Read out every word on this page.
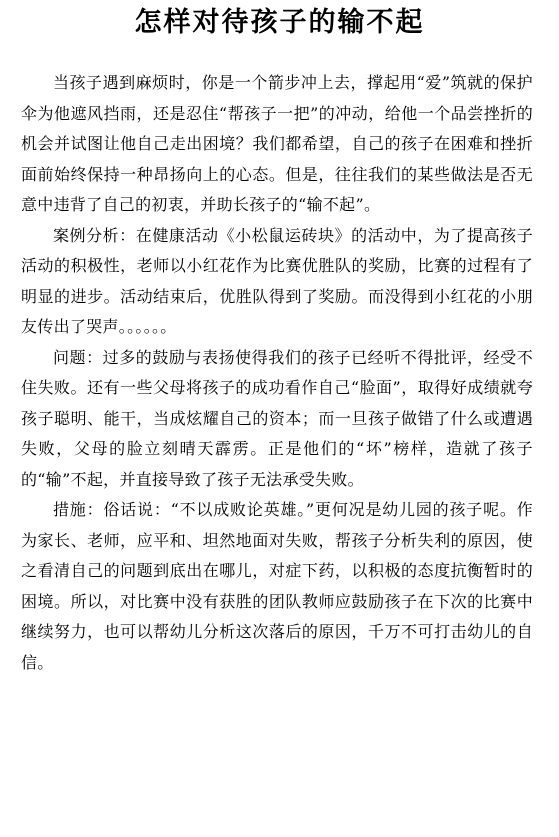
怎样对待孩子的输不起

当孩子遇到麻烦时，你是一个箭步冲上去，撑起用“爱”筑就的保护伞为他遮风挡雨，还是忍住“帮孩子一把”的冲动，给他一个品尝挫折的机会并试图让他自己走出困境？我们都希望，自己的孩子在困难和挫折面前始终保持一种昂扬向上的心态。但是，往往我们的某些做法是否无意中违背了自己的初衷，并助长孩子的“输不起”。

案例分析：在健康活动《小松鼠运砖块》的活动中，为了提高孩子活动的积极性，老师以小红花作为比赛优胜队的奖励，比赛的过程有了明显的进步。活动结束后，优胜队得到了奖励。而没得到小红花的小朋友传出了哭声。。。。。。

问题：过多的鼓励与表扬使得我们的孩子已经听不得批评，经受不住失败。还有一些父母将孩子的成功看作自己“脸面”，取得好成绩就夸孩子聪明、能干，当成炫耀自己的资本；而一旦孩子做错了什么或遭遇失败，父母的脸立刻晴天霹雳。正是他们的“坏”榜样，造就了孩子的“输”不起，并直接导致了孩子无法承受失败。

措施：俗话说：“不以成败论英雄。”更何况是幼儿园的孩子呢。作为家长、老师，应平和、坦然地面对失败，帮孩子分析失利的原因，使之看清自己的问题到底出在哪儿，对症下药，以积极的态度抗衡暂时的困境。所以，对比赛中没有获胜的团队教师应鼓励孩子在下次的比赛中继续努力，也可以帮幼儿分析这次落后的原因，千万不可打击幼儿的自信。
